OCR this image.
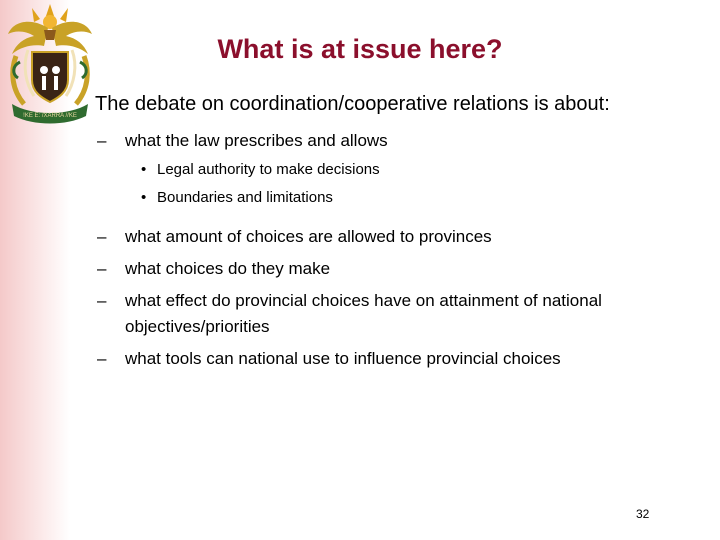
!KE E: /XARRA //KE
What is at issue here?

The debate on coordination/cooperative relations is about:

– what the law prescribes and allows
• Legal authority to make decisions
• Boundaries and limitations
– what amount of choices are allowed to provinces
– what choices do they make
– what effect do provincial choices have on attainment of national objectives/priorities
– what tools can national use to influence provincial choices
32
